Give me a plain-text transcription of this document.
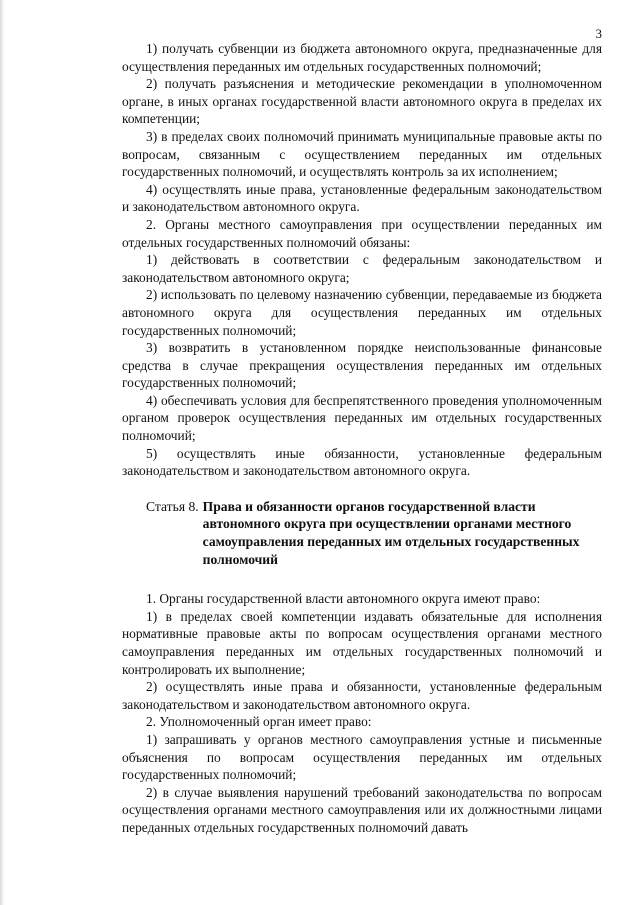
3

1) получать субвенции из бюджета автономного округа, предназначенные для осуществления переданных им отдельных государственных полномочий;

2) получать разъяснения и методические рекомендации в уполномоченном органе, в иных органах государственной власти автономного округа в пределах их компетенции;

3) в пределах своих полномочий принимать муниципальные правовые акты по вопросам, связанным с осуществлением переданных им отдельных государственных полномочий, и осуществлять контроль за их исполнением;

4) осуществлять иные права, установленные федеральным законодательством и законодательством автономного округа.

2. Органы местного самоуправления при осуществлении переданных им отдельных государственных полномочий обязаны:

1) действовать в соответствии с федеральным законодательством и законодательством автономного округа;

2) использовать по целевому назначению субвенции, передаваемые из бюджета автономного округа для осуществления переданных им отдельных государственных полномочий;

3) возвратить в установленном порядке неиспользованные финансовые средства в случае прекращения осуществления переданных им отдельных государственных полномочий;

4) обеспечивать условия для беспрепятственного проведения уполномоченным органом проверок осуществления переданных им отдельных государственных полномочий;

5) осуществлять иные обязанности, установленные федеральным законодательством и законодательством автономного округа.

Статья 8. Права и обязанности органов государственной власти автономного округа при осуществлении органами местного самоуправления переданных им отдельных государственных полномочий

1. Органы государственной власти автономного округа имеют право:

1) в пределах своей компетенции издавать обязательные для исполнения нормативные правовые акты по вопросам осуществления органами местного самоуправления переданных им отдельных государственных полномочий и контролировать их выполнение;

2) осуществлять иные права и обязанности, установленные федеральным законодательством и законодательством автономного округа.

2. Уполномоченный орган имеет право:

1) запрашивать у органов местного самоуправления устные и письменные объяснения по вопросам осуществления переданных им отдельных государственных полномочий;

2) в случае выявления нарушений требований законодательства по вопросам осуществления органами местного самоуправления или их должностными лицами переданных отдельных государственных полномочий давать
